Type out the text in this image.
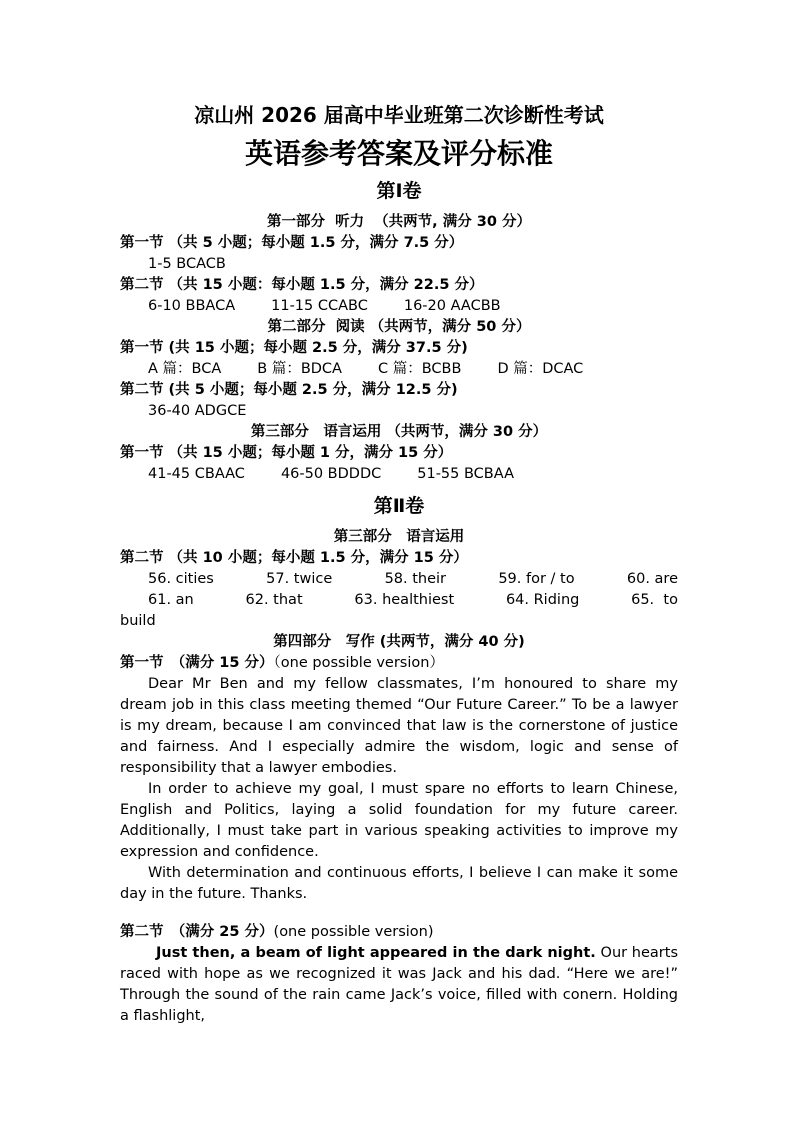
凉山州 2026 届高中毕业班第二次诊断性考试
英语参考答案及评分标准
第Ⅰ卷
第一部分  听力  （共两节, 满分 30 分）
第一节 （共 5 小题；每小题 1.5 分，满分 7.5 分）
1-5 BCACB
第二节 （共 15 小题：每小题 1.5 分，满分 22.5 分）
6-10 BBACA 11-15 CCABC 16-20 AACBB
第二部分  阅读 （共两节，满分 50 分）
第一节 (共 15 小题；每小题 2.5 分，满分 37.5 分)
A 篇：BCA B 篇：BDCA C 篇：BCBB D 篇：DCAC
第二节 (共 5 小题；每小题 2.5 分，满分 12.5 分)
36-40 ADGCE
第三部分　语言运用 （共两节，满分 30 分）
第一节 （共 15 小题；每小题 1 分，满分 15 分）
41-45 CBAAC 46-50 BDDDC 51-55 BCBAA
第Ⅱ卷
第三部分　语言运用
第二节 （共 10 小题；每小题 1.5 分，满分 15 分）
56. cities	57. twice	58. their	59. for / to	60. are
61. an	62. that	63. healthiest	64. Riding	65.  to
build
第四部分　写作 (共两节，满分 40 分)
第一节　（满分 15 分）（one possible version）

Dear Mr Ben and my fellow classmates, I’m honoured to share my dream job in this class meeting themed “Our Future Career.” To be a lawyer is my dream, because I am convinced that law is the cornerstone of justice and fairness. And I especially admire the wisdom, logic and sense of responsibility that a lawyer embodies.

In order to achieve my goal, I must spare no efforts to learn Chinese, English and Politics, laying a solid foundation for my future career. Additionally, I must take part in various speaking activities to improve my expression and confidence.

With determination and continuous efforts, I believe I can make it some day in the future. Thanks.

第二节　（满分 25 分）(one possible version)

Just then, a beam of light appeared in the dark night. Our hearts raced with hope as we recognized it was Jack and his dad. “Here we are!” Through the sound of the rain came Jack’s voice, filled with conern. Holding a flashlight,
